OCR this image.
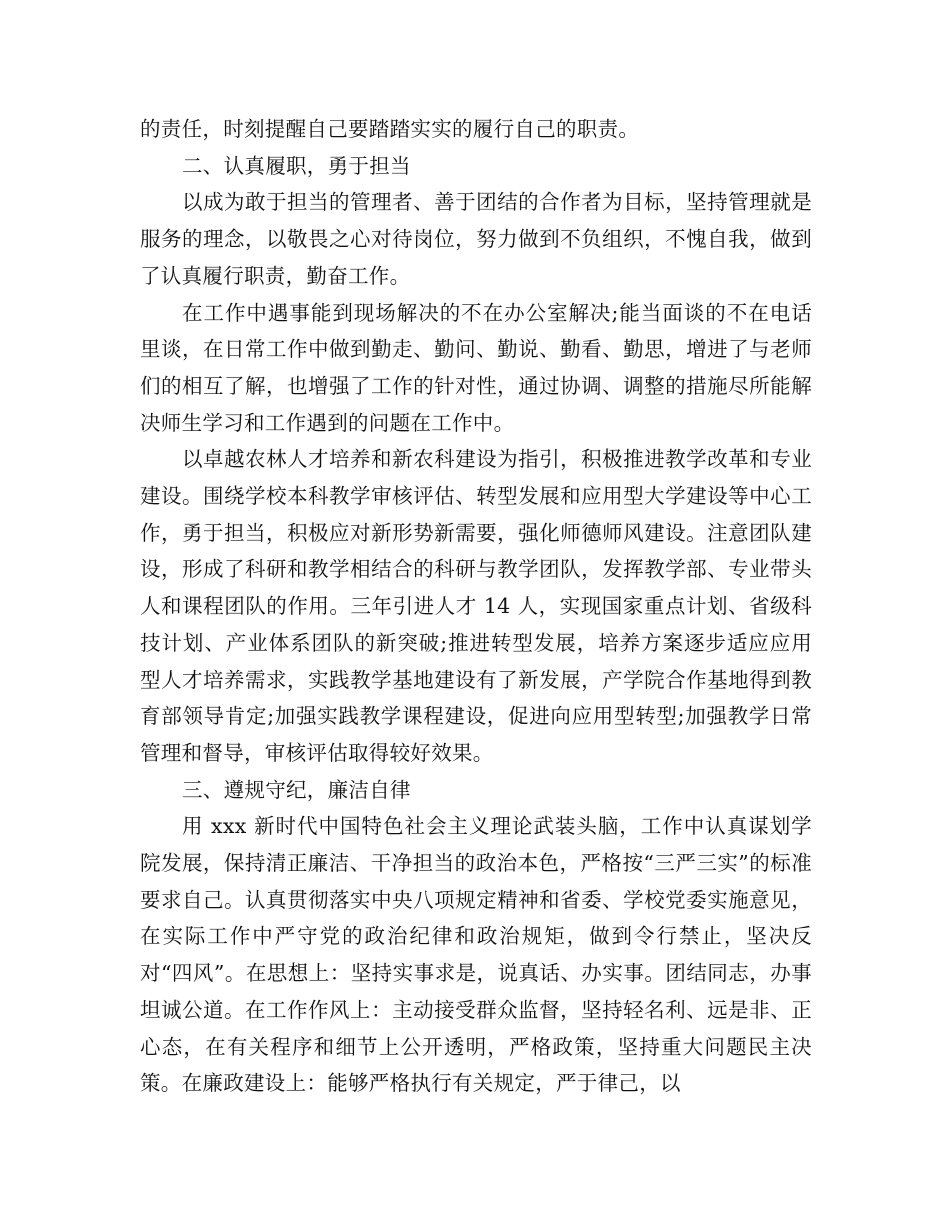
的责任，时刻提醒自己要踏踏实实的履行自己的职责。

二、认真履职，勇于担当

以成为敢于担当的管理者、善于团结的合作者为目标，坚持管理就是服务的理念，以敬畏之心对待岗位，努力做到不负组织，不愧自我，做到了认真履行职责，勤奋工作。

在工作中遇事能到现场解决的不在办公室解决;能当面谈的不在电话里谈，在日常工作中做到勤走、勤问、勤说、勤看、勤思，增进了与老师们的相互了解，也增强了工作的针对性，通过协调、调整的措施尽所能解决师生学习和工作遇到的问题在工作中。

以卓越农林人才培养和新农科建设为指引，积极推进教学改革和专业建设。围绕学校本科教学审核评估、转型发展和应用型大学建设等中心工作，勇于担当，积极应对新形势新需要，强化师德师风建设。注意团队建设，形成了科研和教学相结合的科研与教学团队，发挥教学部、专业带头人和课程团队的作用。三年引进人才 14 人，实现国家重点计划、省级科技计划、产业体系团队的新突破;推进转型发展，培养方案逐步适应应用型人才培养需求，实践教学基地建设有了新发展，产学院合作基地得到教育部领导肯定;加强实践教学课程建设，促进向应用型转型;加强教学日常管理和督导，审核评估取得较好效果。

三、遵规守纪，廉洁自律

用 xxx 新时代中国特色社会主义理论武装头脑，工作中认真谋划学院发展，保持清正廉洁、干净担当的政治本色，严格按“三严三实”的标准要求自己。认真贯彻落实中央八项规定精神和省委、学校党委实施意见，在实际工作中严守党的政治纪律和政治规矩，做到令行禁止，坚决反对“四风”。在思想上：坚持实事求是，说真话、办实事。团结同志，办事坦诚公道。在工作作风上：主动接受群众监督，坚持轻名利、远是非、正心态，在有关程序和细节上公开透明，严格政策，坚持重大问题民主决策。在廉政建设上：能够严格执行有关规定，严于律己，以
